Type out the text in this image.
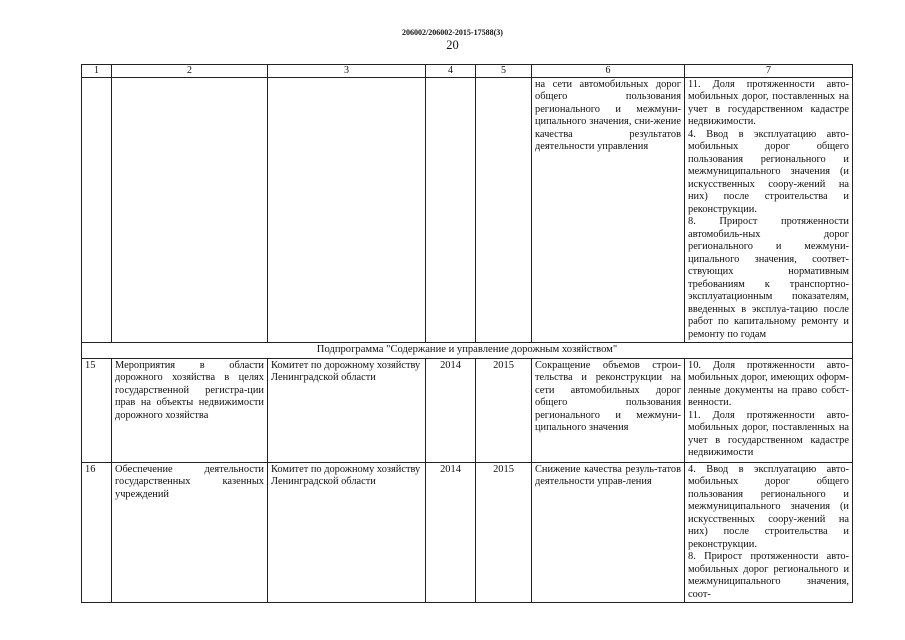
206002/206002-2015-17588(3)
20
1	2	3	4	5	6	7
					на сети автомобильных дорог общего пользования регионального и межмуни-ципального значения, сни-жение качества результатов деятельности управления	11. Доля протяженности авто-мобильных дорог, поставленных на учет в государственном кадастре недвижимости.
4. Ввод в эксплуатацию авто-мобильных дорог общего пользования регионального и межмуниципального значения (и искусственных соору-жений на них) после строительства и реконструкции.
8. Прирост протяженности автомобиль-ных дорог регионального и межмуни-ципального значения, соответ-ствующих нормативным требованиям к транспортно-эксплуатационным показателям, введенных в эксплуа-тацию после работ по капитальному ремонту и ремонту по годам

Подпрограмма "Содержание и управление дорожным хозяйством"						
15	Мероприятия в области дорожного хозяйства в целях государственной регистра-ции прав на объекты недвижимости дорожного хозяйства	Комитет по дорожному хозяйству Ленинградской области	2014	2015	Сокращение объемов строи-тельства и реконструкции на сети автомобильных дорог общего пользования регионального и межмуни-ципального значения	10. Доля протяженности авто-мобильных дорог, имеющих оформ-ленные документы на право собст-венности.
11. Доля протяженности авто-мобильных дорог, поставленных на учет в государственном кадастре недвижимости

16	Обеспечение деятельности государственных казенных учреждений	Комитет по дорожному хозяйству Ленинградской области	2014	2015	Снижение качества резуль-татов деятельности управ-ления	4. Ввод в эксплуатацию авто-мобильных дорог общего пользования регионального и межмуниципального значения (и искусственных соору-жений на них) после строительства и реконструкции.
8. Прирост протяженности авто-мобильных дорог регионального и межмуниципального значения, соот-
